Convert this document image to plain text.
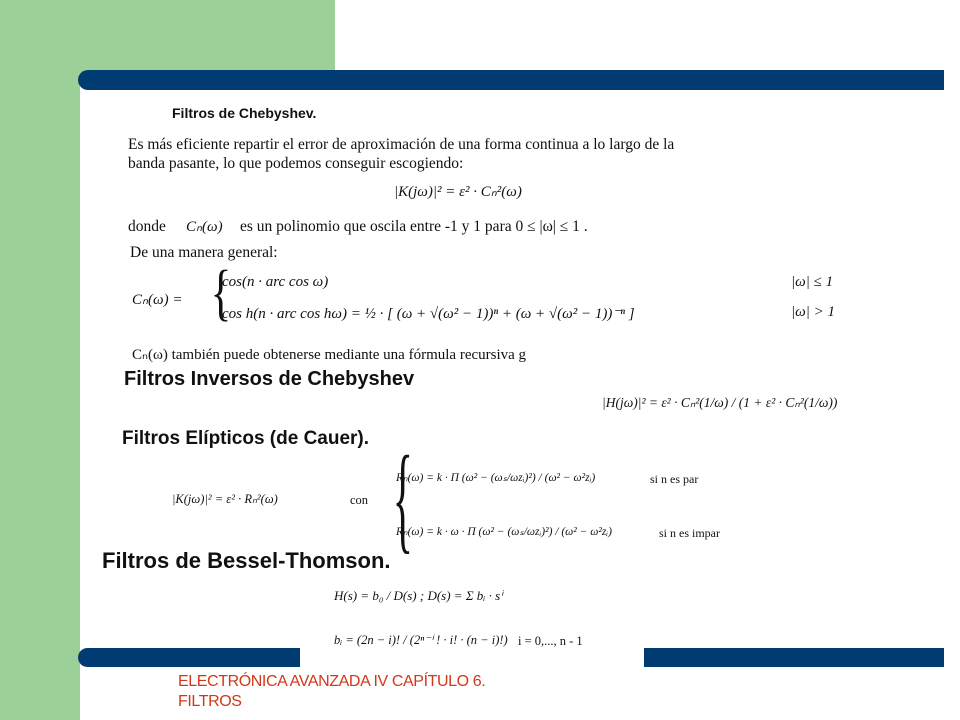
Filtros de Chebyshev.
Es más eficiente repartir el error de aproximación de una forma continua a lo largo de la
banda pasante, lo que podemos conseguir escogiendo:
|K(jω)|² = ε² · Cₙ²(ω)
donde Cₙ(ω) es un polinomio que oscila entre -1 y 1 para 0 ≤ |ω| ≤ 1 .
De una manera general:
Cₙ(ω) = {
cos(n · arc cos ω)	|ω| ≤ 1
cos h(n · arc cos hω) = ½ · [ (ω + √(ω² − 1))ⁿ + (ω + √(ω² − 1))⁻ⁿ ]	|ω| > 1
Cₙ(ω) también puede obtenerse mediante una fórmula recursiva g
Filtros Inversos de Chebyshev
|H(jω)|² = ε² · Cₙ²(1/ω) / (1 + ε² · Cₙ²(1/ω))
Filtros Elípticos (de Cauer).
|K(jω)|² = ε² · Rₙ²(ω)	con {
Rₙ(ω) = k · Π (ω² − (ωₛ/ωzᵢ)²) / (ω² − ω²zᵢ)	si n es par
Rₙ(ω) = k · ω · Π (ω² − (ωₛ/ωzᵢ)²) / (ω² − ω²zᵢ)	si n es impar
Filtros de Bessel-Thomson.
H(s) = b₀ / D(s) ; D(s) = Σ bᵢ · sⁱ
bᵢ = (2n − i)! / (2ⁿ⁻ⁱ ! · i! · (n − i)!) i = 0,..., n - 1
ELECTRÓNICA AVANZADA IV CAPÍTULO 6.
FILTROS
